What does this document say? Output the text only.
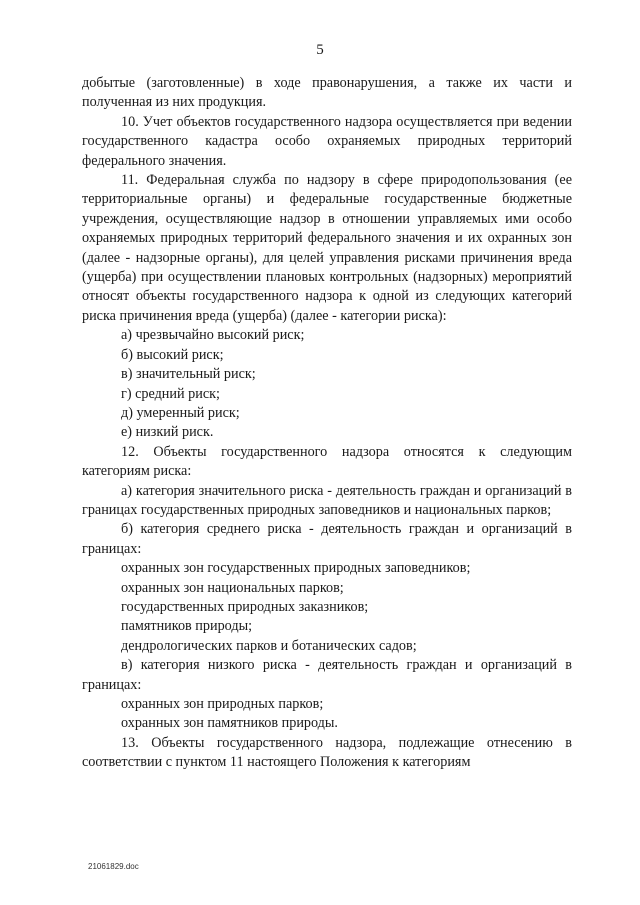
5

добытые (заготовленные) в ходе правонарушения, а также их части и полученная из них продукция.

10. Учет объектов государственного надзора осуществляется при ведении государственного кадастра особо охраняемых природных территорий федерального значения.

11. Федеральная служба по надзору в сфере природопользования (ее территориальные органы) и федеральные государственные бюджетные учреждения, осуществляющие надзор в отношении управляемых ими особо охраняемых природных территорий федерального значения и их охранных зон (далее - надзорные органы), для целей управления рисками причинения вреда (ущерба) при осуществлении плановых контрольных (надзорных) мероприятий относят объекты государственного надзора к одной из следующих категорий риска причинения вреда (ущерба) (далее - категории риска):

а) чрезвычайно высокий риск;

б) высокий риск;

в) значительный риск;

г) средний риск;

д) умеренный риск;

е) низкий риск.

12. Объекты государственного надзора относятся к следующим категориям риска:

а) категория значительного риска - деятельность граждан и организаций в границах государственных природных заповедников и национальных парков;

б) категория среднего риска - деятельность граждан и организаций в границах:

охранных зон государственных природных заповедников;

охранных зон национальных парков;

государственных природных заказников;

памятников природы;

дендрологических парков и ботанических садов;

в) категория низкого риска - деятельность граждан и организаций в границах:

охранных зон природных парков;

охранных зон памятников природы.

13. Объекты государственного надзора, подлежащие отнесению в соответствии с пунктом 11 настоящего Положения к категориям

21061829.doc
